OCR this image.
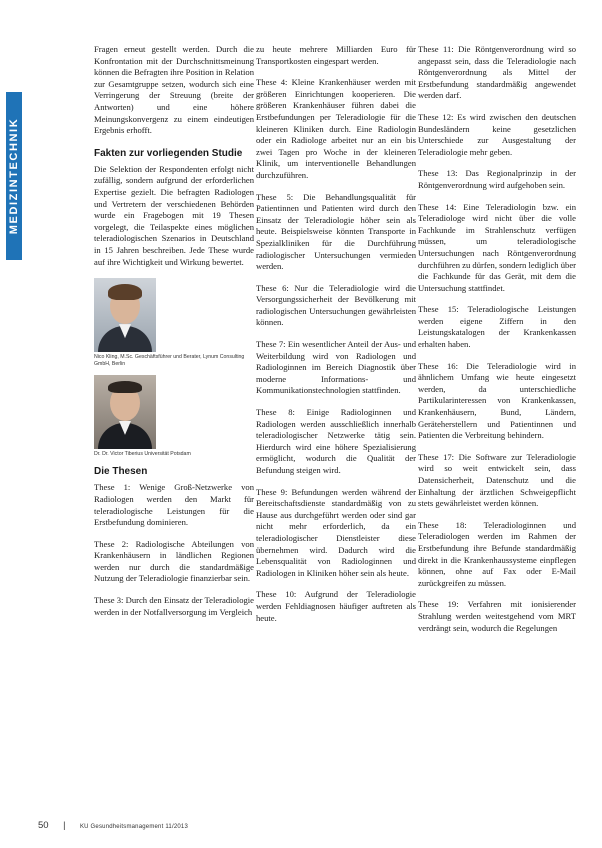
MEDIZINTECHNIK

Fragen erneut gestellt werden. Durch die Konfrontation mit der Durchschnittsmeinung können die Befragten ihre Position in Relation zur Gesamtgruppe setzen, wodurch sich eine Verringerung der Streuung (breite der Antworten) und eine höhere Meinungskonvergenz zu einem eindeutigen Ergebnis erhofft.

Fakten zur vorliegenden Studie

Die Selektion der Respondenten erfolgt nicht zufällig, sondern aufgrund der erforderlichen Expertise gezielt. Die befragten Radiologen und Vertretern der verschiedenen Behörden wurde ein Fragebogen mit 19 Thesen vorgelegt, die Teilaspekte eines möglichen teleradiologischen Szenarios in Deutschland in 15 Jahren beschreiben. Jede These wurde auf ihre Wichtigkeit und Wirkung bewertet.

Nico Kling, M.Sc. Geschäftsführer und Berater, Lynum Consulting GmbH, Berlin
Dr. Dr. Victor Tiberius Universität Potsdam
Die Thesen

These 1: Wenige Groß-Netzwerke von Radiologen werden den Markt für teleradiologische Leistungen für die Erstbefundung dominieren.

These 2: Radiologische Abteilungen von Krankenhäusern in ländlichen Regionen werden nur durch die standardmäßige Nutzung der Teleradiologie finanzierbar sein.

These 3: Durch den Einsatz der Teleradiologie werden in der Notfallversorgung im Vergleich

zu heute mehrere Milliarden Euro für Transportkosten eingespart werden.

These 4: Kleine Krankenhäuser werden mit größeren Einrichtungen kooperieren. Die größeren Krankenhäuser führen dabei die Erstbefundungen per Teleradiologie für die kleineren Kliniken durch. Eine Radiologin oder ein Radiologe arbeitet nur an ein bis zwei Tagen pro Woche in der kleineren Klinik, um interventionelle Behandlungen durchzuführen.

These 5: Die Behandlungsqualität für Patientinnen und Patienten wird durch den Einsatz der Teleradiologie höher sein als heute. Beispielsweise könnten Transporte in Spezialkliniken für die Durchführung radiologischer Untersuchungen vermieden werden.

These 6: Nur die Teleradiologie wird die Versorgungssicherheit der Bevölkerung mit radiologischen Untersuchungen gewährleisten können.

These 7: Ein wesentlicher Anteil der Aus- und Weiterbildung wird von Radiologen und Radiologinnen im Bereich Diagnostik über moderne Informations- und Kommunikationstechnologien stattfinden.

These 8: Einige Radiologinnen und Radiologen werden ausschließlich innerhalb teleradiologischer Netzwerke tätig sein. Hierdurch wird eine höhere Spezialisierung ermöglicht, wodurch die Qualität der Befundung steigen wird.

These 9: Befundungen werden während der Bereitschaftsdienste standardmäßig von zu Hause aus durchgeführt werden oder sind gar nicht mehr erforderlich, da ein teleradiologischer Dienstleister diese übernehmen wird. Dadurch wird die Lebensqualität von Radiologinnen und Radiologen in Kliniken höher sein als heute.

These 10: Aufgrund der Teleradiologie werden Fehldiagnosen häufiger auftreten als heute.

These 11: Die Röntgenverordnung wird so angepasst sein, dass die Teleradiologie nach Röntgenverordnung als Mittel der Erstbefundung standardmäßig angewendet werden darf.

These 12: Es wird zwischen den deutschen Bundesländern keine gesetzlichen Unterschiede zur Ausgestaltung der Teleradiologie mehr geben.

These 13: Das Regionalprinzip in der Röntgenverordnung wird aufgehoben sein.

These 14: Eine Teleradiologin bzw. ein Teleradiologe wird nicht über die volle Fachkunde im Strahlenschutz verfügen müssen, um teleradiologische Untersuchungen nach Röntgenverordnung durchführen zu dürfen, sondern lediglich über die Fachkunde für das Gerät, mit dem die Untersuchung stattfindet.

These 15: Teleradiologische Leistungen werden eigene Ziffern in den Leistungskatalogen der Krankenkassen erhalten haben.

These 16: Die Teleradiologie wird in ähnlichem Umfang wie heute eingesetzt werden, da unterschiedliche Partikularinteressen von Krankenkassen, Krankenhäusern, Bund, Ländern, Geräteherstellern und Patientinnen und Patienten die Verbreitung behindern.

These 17: Die Software zur Teleradiologie wird so weit entwickelt sein, dass Datensicherheit, Datenschutz und die Einhaltung der ärztlichen Schweigepflicht stets gewährleistet werden können.

These 18: Teleradiologinnen und Teleradiologen werden im Rahmen der Erstbefundung ihre Befunde standardmäßig direkt in die Krankenhaussysteme einpflegen können, ohne auf Fax oder E-Mail zurückgreifen zu müssen.

These 19: Verfahren mit ionisierender Strahlung werden weitestgehend vom MRT verdrängt sein, wodurch die Regelungen

50 | KU Gesundheitsmanagement 11/2013
